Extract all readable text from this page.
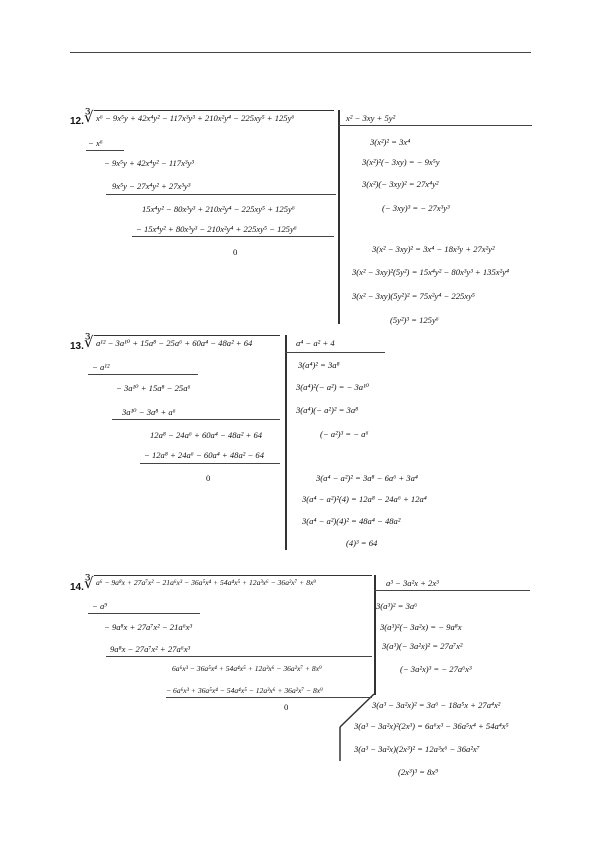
12. ∛ x⁶ − 9x⁵y + 42x⁴y² − 117x³y³ + 210x²y⁴ − 225xy⁵ + 125y⁶	x² − 3xy + 5y²
− x⁶
− 9x⁵y + 42x⁴y² − 117x³y³
9x⁵y − 27x⁴y² + 27x³y³
15x⁴y² − 80x³y³ + 210x²y⁴ − 225xy⁵ + 125y⁶
− 15x⁴y² + 80x³y³ − 210x²y⁴ + 225xy⁵ − 125y⁶
0
3(x²)² = 3x⁴
3(x²)²(− 3xy) = − 9x⁵y
3(x²)(− 3xy)² = 27x⁴y²
(− 3xy)³ = − 27x³y³
3(x² − 3xy)² = 3x⁴ − 18x³y + 27x²y²
3(x² − 3xy)²(5y²) = 15x⁴y² − 80x³y³ + 135x²y⁴
3(x² − 3xy)(5y²)² = 75x²y⁴ − 225xy⁵
(5y²)³ = 125y⁶
13. ∛ a¹² − 3a¹⁰ + 15a⁸ − 25a⁶ + 60a⁴ − 48a² + 64	a⁴ − a² + 4
− a¹²
− 3a¹⁰ + 15a⁸ − 25a⁶
3a¹⁰ − 3a⁸ + a⁶
12a⁸ − 24a⁶ + 60a⁴ − 48a² + 64
− 12a⁸ + 24a⁶ − 60a⁴ + 48a² − 64
0
3(a⁴)² = 3a⁸
3(a⁴)²(− a²) = − 3a¹⁰
3(a⁴)(− a²)² = 3a⁸
(− a²)³ = − a⁶
3(a⁴ − a²)² = 3a⁸ − 6a⁶ + 3a⁴
3(a⁴ − a²)²(4) = 12a⁸ − 24a⁶ + 12a⁴
3(a⁴ − a²)(4)² = 48a⁴ − 48a²
(4)³ = 64
14. ∛ a⁶ − 9a⁸x + 27a⁷x² − 21a⁶x³ − 36a⁵x⁴ + 54a⁴x⁵ + 12a³x⁶ − 36a²x⁷ + 8x⁹	a³ − 3a²x + 2x³
− a⁹
− 9a⁸x + 27a⁷x² − 21a⁶x³
9a⁸x − 27a⁷x² + 27a⁶x³
6a⁶x³ − 36a⁵x⁴ + 54a⁴x⁵ + 12a³x⁶ − 36a²x⁷ + 8x⁹
− 6a⁶x³ + 36a⁵x⁴ − 54a⁴x⁵ − 12a³x⁶ + 36a²x⁷ − 8x⁹
0
3(a³)² = 3a⁶
3(a³)²(− 3a²x) = − 9a⁸x
3(a³)(− 3a²x)² = 27a⁷x²
(− 3a²x)³ = − 27a⁶x³
3(a³ − 3a²x)² = 3a⁶ − 18a⁵x + 27a⁴x²
3(a³ − 3a²x)²(2x³) = 6a⁶x³ − 36a⁵x⁴ + 54a⁴x⁵
3(a³ − 3a²x)(2x³)² = 12a³x⁶ − 36a²x⁷
(2x³)³ = 8x⁹
